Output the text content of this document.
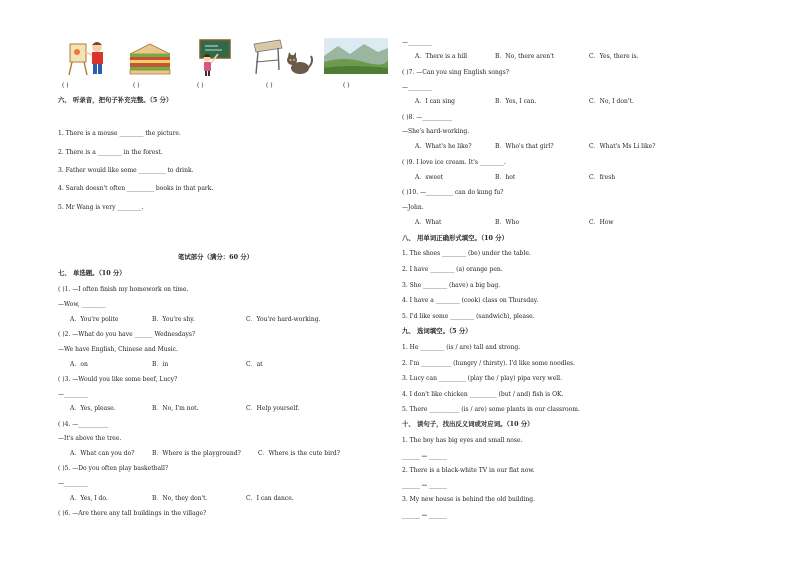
( )	( )	( )	( )	( )
六、 听录音，把句子补充完整。（5 分）
1. There is a mouse ________ the picture.
2. There is a ________ in the forest.
3. Father would like some _________ to drink.
4. Sarah doesn't often _________ books in that park.
5. Mr Wang is very ________.
笔试部分（满分：60 分）
七、 单选题。（10 分）
( )1. —I often finish my homework on time.
—Wow, ________
A．You're polite	B．You're shy.	C．You're hard-working.
( )2. —What do you have ______ Wednesdays?
—We have English, Chinese and Music.
A．on	B．in	C．at
( )3. —Would you like some beef, Lucy?
—________
A．Yes, please.	B．No, I'm not.	C．Help yourself.
( )4. —__________
—It's above the tree.
A．What can you do?	B．Where is the playground?	C．Where is the cute bird?
( )5. —Do you often play basketball?
—________
A．Yes, I do.	B．No, they don't.	C．I can dance.
( )6. —Are there any tall buildings in the village?
—________
A．There is a hill	B．No, there aren't	C．Yes, there is.
( )7. —Can you sing English songs?
—________
A．I can sing	B．Yes, I can.	C．No, I don't.
( )8. —__________
—She's hard-working.
A．What's he like?	B．Who's that girl?	C．What's Ms Li like?
( )9. I love ice cream. It's ________.
A．sweet	B．hot	C．fresh
( )10. —_________ can do kung fu?
—John.
A．What	B．Who	C．How
八、 用单词正确形式填空。（10 分）
1. The shoes ________ (be) under the table.
2. I have ________ (a) orange pen.
3. She ________ (have) a big bag.
4. I have a ________ (cook) class on Thursday.
5. I'd like some ________ (sandwich), please.
九、 选词填空。（5 分）
1. He ________ (is / are) tall and strong.
2. I'm __________ (hungry / thirsty). I'd like some noodles.
3. Lucy can _________ (play the / play) pipa very well.
4. I don't like chicken _________ (but / and) fish is OK.
5. There __________ (is / are) some plants in our classroom.
十、 读句子，找出反义词或对应词。（10 分）
1. The boy has big eyes and small nose.
______ ↔ ______
2. There is a black-white TV in our flat now.
______ ↔ ______
3. My new house is behind the old building.
______ ↔ ______
